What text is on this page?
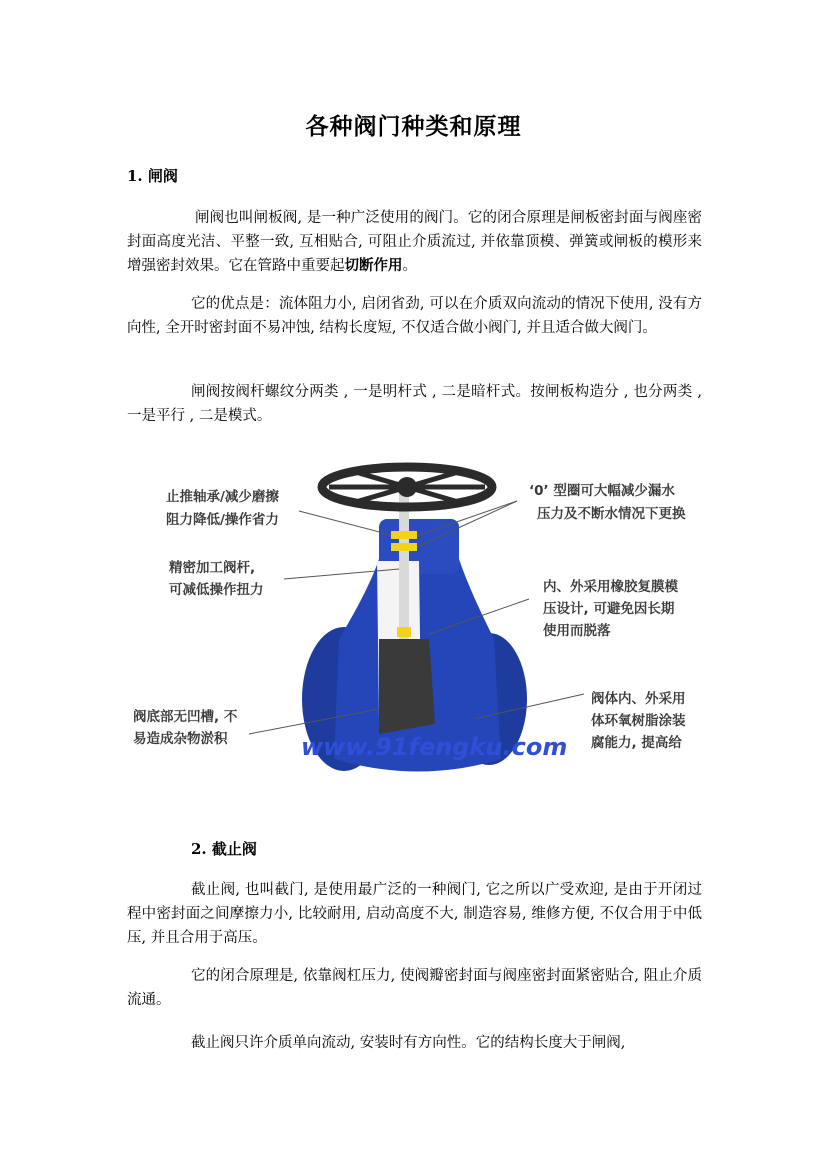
各种阀门种类和原理
1. 闸阀
闸阀也叫闸板阀, 是一种广泛使用的阀门。它的闭合原理是闸板密封面与阀座密封面高度光洁、平整一致, 互相贴合, 可阻止介质流过, 并依靠顶模、弹簧或闸板的模形来增强密封效果。它在管路中重要起切断作用。
它的优点是：流体阻力小, 启闭省劲, 可以在介质双向流动的情况下使用, 没有方向性, 全开时密封面不易冲蚀, 结构长度短, 不仅适合做小阀门, 并且适合做大阀门。
闸阀按阀杆螺纹分两类 , 一是明杆式 , 二是暗杆式。按闸板构造分 , 也分两类 , 一是平行 , 二是模式。
止推轴承/减少磨擦
阻力降低/操作省力
精密加工阀杆,
可减低操作扭力
阀底部无凹槽, 不
易造成杂物淤积
‘0’ 型圈可大幅减少漏水
压力及不断水情况下更换
内、外采用橡胶复膜模
压设计, 可避免因长期
使用而脱落
阀体内、外采用
体环氧树脂涂装
腐能力, 提高给
www.91fengku.com
2. 截止阀
截止阀, 也叫截门, 是使用最广泛的一种阀门, 它之所以广受欢迎, 是由于开闭过程中密封面之间摩擦力小, 比较耐用, 启动高度不大, 制造容易, 维修方便, 不仅合用于中低压, 并且合用于高压。
它的闭合原理是, 依靠阀杠压力, 使阀瓣密封面与阀座密封面紧密贴合, 阻止介质流通。
截止阀只许介质单向流动, 安装时有方向性。它的结构长度大于闸阀,
